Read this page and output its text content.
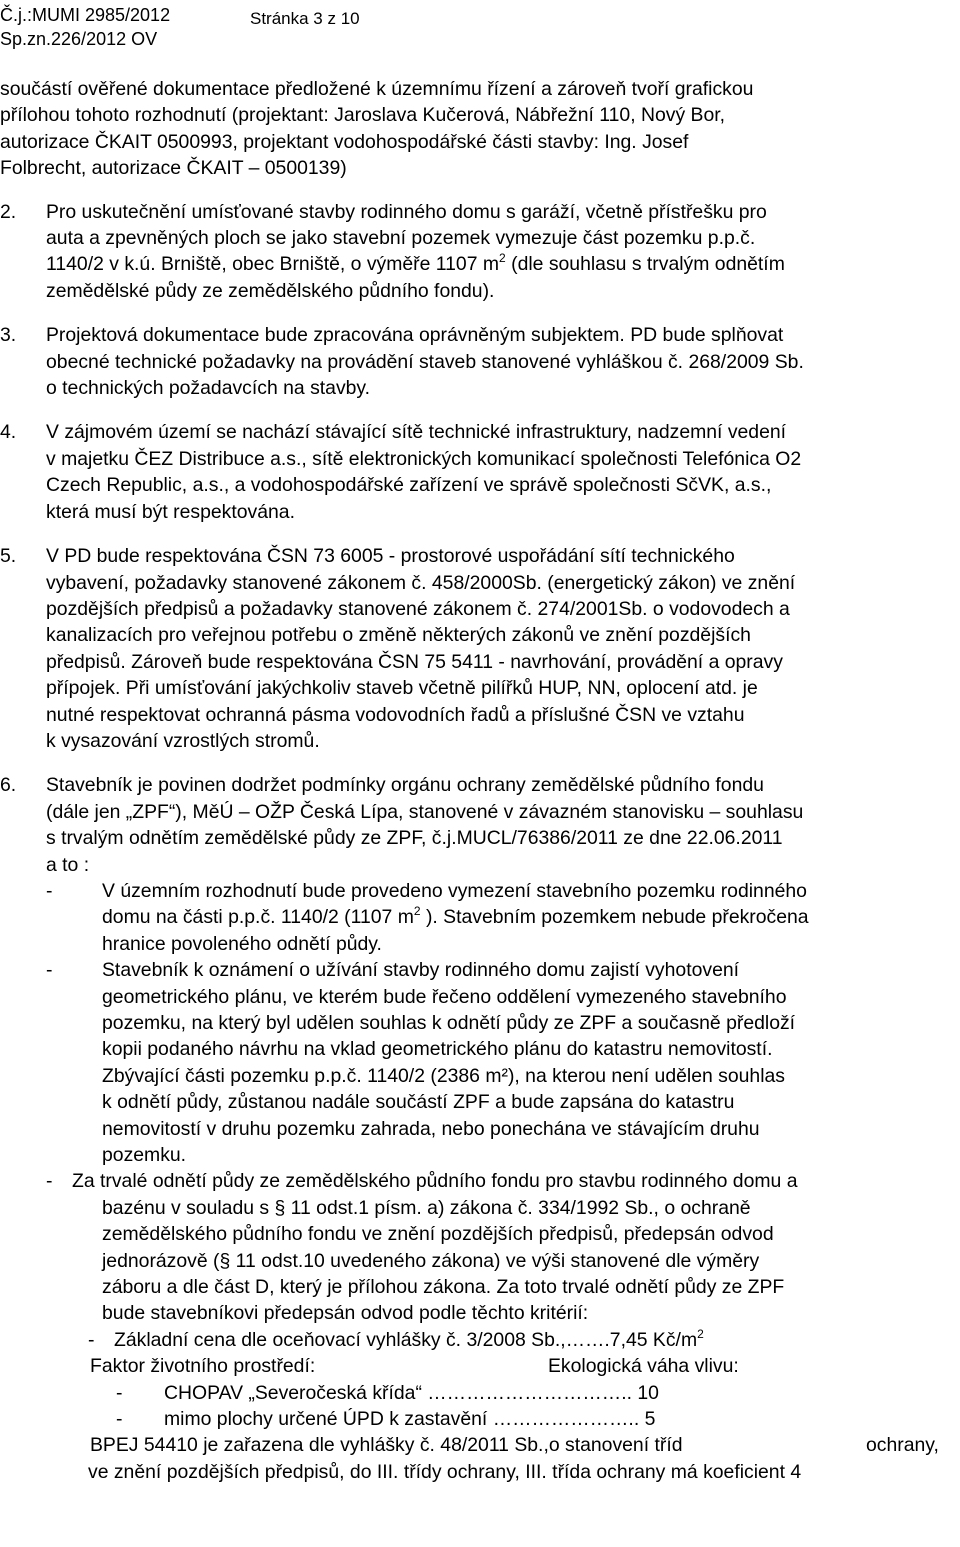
Č.j.:MUMI 2985/2012	Stránka 3 z 10
Sp.zn.226/2012 OV
součástí ověřené dokumentace předložené k územnímu řízení a zároveň tvoří grafickou
přílohou tohoto rozhodnutí (projektant: Jaroslava Kučerová, Nábřežní 110, Nový Bor,
autorizace ČKAIT 0500993, projektant vodohospodářské části stavby: Ing. Josef
Folbrecht, autorizace ČKAIT – 0500139)
2. Pro uskutečnění umísťované stavby rodinného domu s garáží, včetně přístřešku pro
auta a zpevněných ploch se jako stavební pozemek vymezuje část pozemku p.p.č.
1140/2 v k.ú. Brniště, obec Brniště, o výměře 1107 $m^2$ (dle souhlasu s trvalým odnětím
zemědělské půdy ze zemědělského půdního fondu).
3. Projektová dokumentace bude zpracována oprávněným subjektem. PD bude splňovat
obecné technické požadavky na provádění staveb stanovené vyhláškou č. 268/2009 Sb.
o technických požadavcích na stavby.
4. V zájmovém území se nachází stávající sítě technické infrastruktury, nadzemní vedení
v majetku ČEZ Distribuce a.s., sítě elektronických komunikací společnosti Telefónica O2
Czech Republic, a.s., a vodohospodářské zařízení ve správě společnosti SčVK, a.s.,
která musí být respektována.
5. V PD bude respektována ČSN 73 6005 - prostorové uspořádání sítí technického
vybavení, požadavky stanovené zákonem č. 458/2000Sb. (energetický zákon) ve znění
pozdějších předpisů a požadavky stanovené zákonem č. 274/2001Sb. o vodovodech a
kanalizacích pro veřejnou potřebu o změně některých zákonů ve znění pozdějších
předpisů. Zároveň bude respektována ČSN 75 5411 - navrhování, provádění a opravy
přípojek. Při umísťování jakýchkoliv staveb včetně pilířků HUP, NN, oplocení atd. je
nutné respektovat ochranná pásma vodovodních řadů a příslušné ČSN ve vztahu
k vysazování vzrostlých stromů.
6. Stavebník je povinen dodržet podmínky orgánu ochrany zemědělské půdního fondu
(dále jen „ZPF“), MěÚ – OŽP Česká Lípa, stanovené v závazném stanovisku – souhlasu
s trvalým odnětím zemědělské půdy ze ZPF, č.j.MUCL/76386/2011 ze dne 22.06.2011
a to :
-	V územním rozhodnutí bude provedeno vymezení stavebního pozemku rodinného
domu na části p.p.č. 1140/2 (1107 $m^2$ ). Stavebním pozemkem nebude překročena
hranice povoleného odnětí půdy.
-	Stavebník k oznámení o užívání stavby rodinného domu zajistí vyhotovení
geometrického plánu, ve kterém bude řečeno oddělení vymezeného stavebního
pozemku, na který byl udělen souhlas k odnětí půdy ze ZPF a současně předloží
kopii podaného návrhu na vklad geometrického plánu do katastru nemovitostí.
Zbývající části pozemku p.p.č. 1140/2 (2386 m²), na kterou není udělen souhlas
k odnětí půdy, zůstanou nadále součástí ZPF a bude zapsána do katastru
nemovitostí v druhu pozemku zahrada, nebo ponechána ve stávajícím druhu
pozemku.
- Za trvalé odnětí půdy ze zemědělského půdního fondu pro stavbu rodinného domu a
bazénu v souladu s § 11 odst.1 písm. a) zákona č. 334/1992 Sb., o ochraně
zemědělského půdního fondu ve znění pozdějších předpisů, předepsán odvod
jednorázově (§ 11 odst.10 uvedeného zákona) ve výši stanovené dle výměry
záboru a dle část D, který je přílohou zákona. Za toto trvalé odnětí půdy ze ZPF
bude stavebníkovi předepsán odvod podle těchto kritérií:
- Základní cena dle oceňovací vyhlášky č. 3/2008 Sb.,…….7,45 $Kč/m^2$
Faktor životního prostředí:	Ekologická váha vlivu:
- CHOPAV „Severočeská křída“ ………………………….. 10
- mimo plochy určené ÚPD k zastavění ………………….. 5
BPEJ 54410 je zařazena dle vyhlášky č. 48/2011 Sb.,o stanovení tříd	ochrany,
ve znění pozdějších předpisů, do III. třídy ochrany, III. třída ochrany má koeficient 4
